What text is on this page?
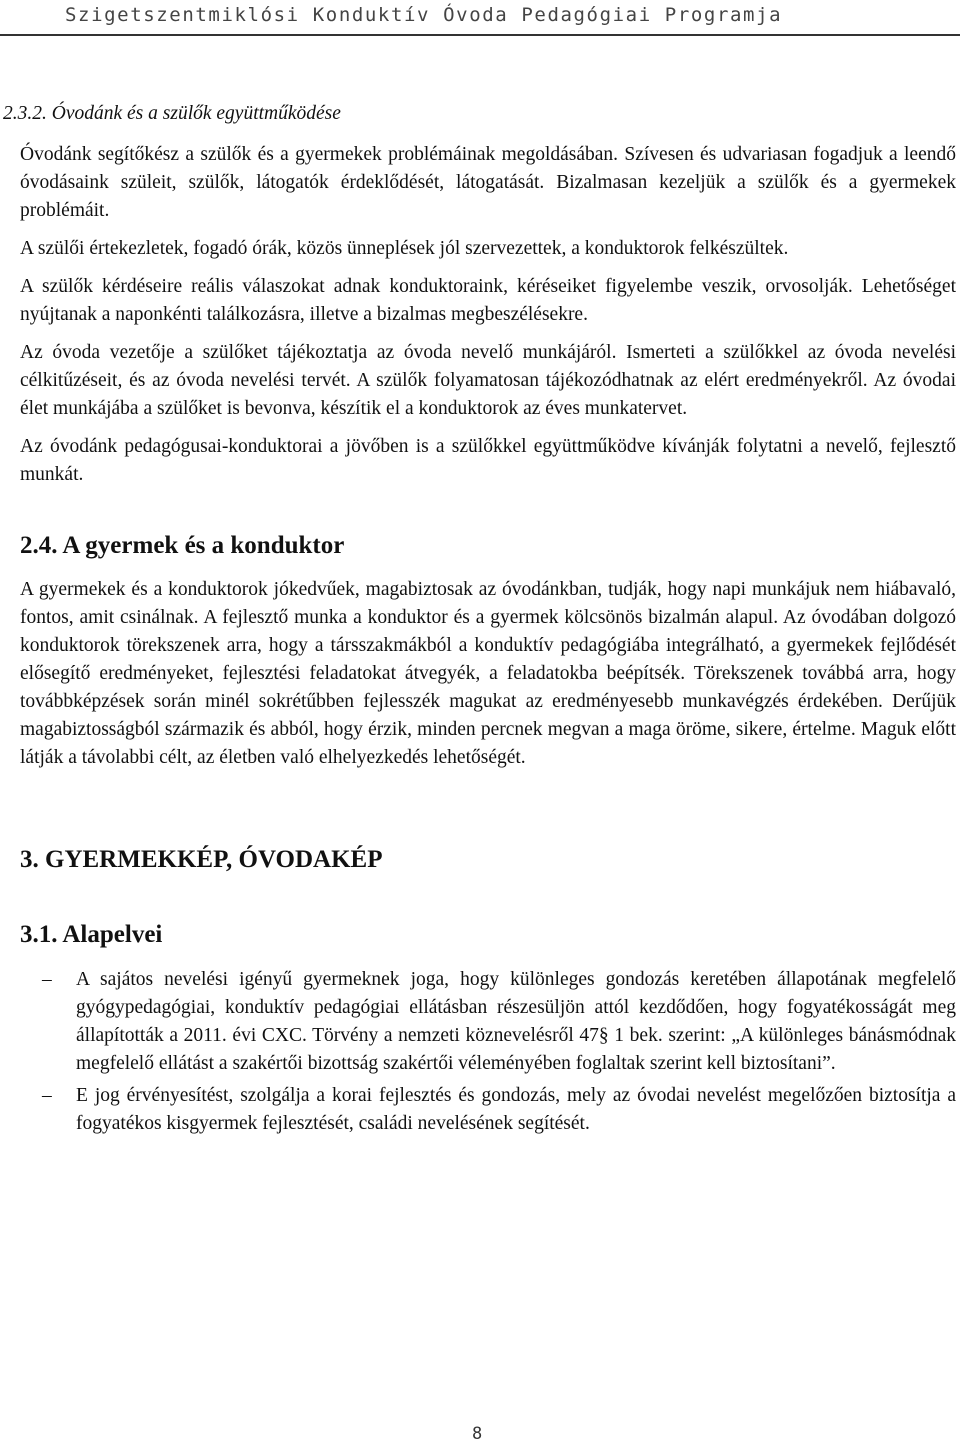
Szigetszentmiklósi Konduktív Óvoda Pedagógiai Programja
2.3.2. Óvodánk és a szülők együttműködése

Óvodánk segítőkész a szülők és a gyermekek problémáinak megoldásában. Szívesen és udvariasan fogadjuk a leendő óvodásaink szüleit, szülők, látogatók érdeklődését, látogatását. Bizalmasan kezeljük a szülők és a gyermekek problémáit.

A szülői értekezletek, fogadó órák, közös ünneplések jól szervezettek, a konduktorok felkészültek.

A szülők kérdéseire reális válaszokat adnak konduktoraink, kéréseiket figyelembe veszik, orvosolják. Lehetőséget nyújtanak a naponkénti találkozásra, illetve a bizalmas megbeszélésekre.

Az óvoda vezetője a szülőket tájékoztatja az óvoda nevelő munkájáról. Ismerteti a szülőkkel az óvoda nevelési célkitűzéseit, és az óvoda nevelési tervét. A szülők folyamatosan tájékozódhatnak az elért eredményekről. Az óvodai élet munkájába a szülőket is bevonva, készítik el a konduktorok az éves munkatervet.

Az óvodánk pedagógusai-konduktorai a jövőben is a szülőkkel együttműködve kívánják folytatni a nevelő, fejlesztő munkát.

2.4. A gyermek és a konduktor

A gyermekek és a konduktorok jókedvűek, magabiztosak az óvodánkban, tudják, hogy napi munkájuk nem hiábavaló, fontos, amit csinálnak. A fejlesztő munka a konduktor és a gyermek kölcsönös bizalmán alapul. Az óvodában dolgozó konduktorok törekszenek arra, hogy a társszakmákból a konduktív pedagógiába integrálható, a gyermekek fejlődését elősegítő eredményeket, fejlesztési feladatokat átvegyék, a feladatokba beépítsék. Törekszenek továbbá arra, hogy továbbképzések során minél sokrétűbben fejlesszék magukat az eredményesebb munkavégzés érdekében. Derűjük magabiztosságból származik és abból, hogy érzik, minden percnek megvan a maga öröme, sikere, értelme. Maguk előtt látják a távolabbi célt, az életben való elhelyezkedés lehetőségét.

3. GYERMEKKÉP, ÓVODAKÉP
3.1. Alapelvei
– A sajátos nevelési igényű gyermeknek joga, hogy különleges gondozás keretében állapotának megfelelő gyógypedagógiai, konduktív pedagógiai ellátásban részesüljön attól kezdődően, hogy fogyatékosságát meg állapították a 2011. évi CXC. Törvény a nemzeti köznevelésről 47§ 1 bek. szerint: „A különleges bánásmódnak megfelelő ellátást a szakértői bizottság szakértői véleményében foglaltak szerint kell biztosítani”.
– E jog érvényesítést, szolgálja a korai fejlesztés és gondozás, mely az óvodai nevelést megelőzően biztosítja a fogyatékos kisgyermek fejlesztését, családi nevelésének segítését.
8
